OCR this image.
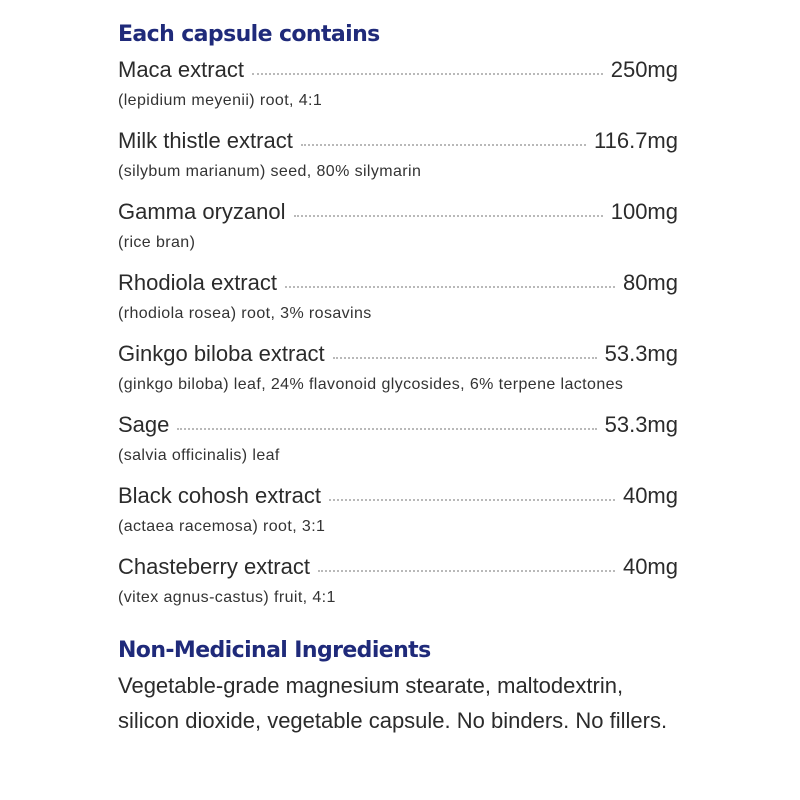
Each capsule contains
Maca extract	250mg
(lepidium meyenii) root, 4:1
Milk thistle extract	116.7mg
(silybum marianum) seed, 80% silymarin
Gamma oryzanol	100mg
(rice bran)
Rhodiola extract	80mg
(rhodiola rosea) root, 3% rosavins
Ginkgo biloba extract	53.3mg
(ginkgo biloba) leaf, 24% flavonoid glycosides, 6% terpene lactones
Sage	53.3mg
(salvia officinalis) leaf
Black cohosh extract	40mg
(actaea racemosa) root, 3:1
Chasteberry extract	40mg
(vitex agnus-castus) fruit, 4:1
Non-Medicinal Ingredients
Vegetable-grade magnesium stearate, maltodextrin, silicon dioxide, vegetable capsule. No binders. No fillers.
